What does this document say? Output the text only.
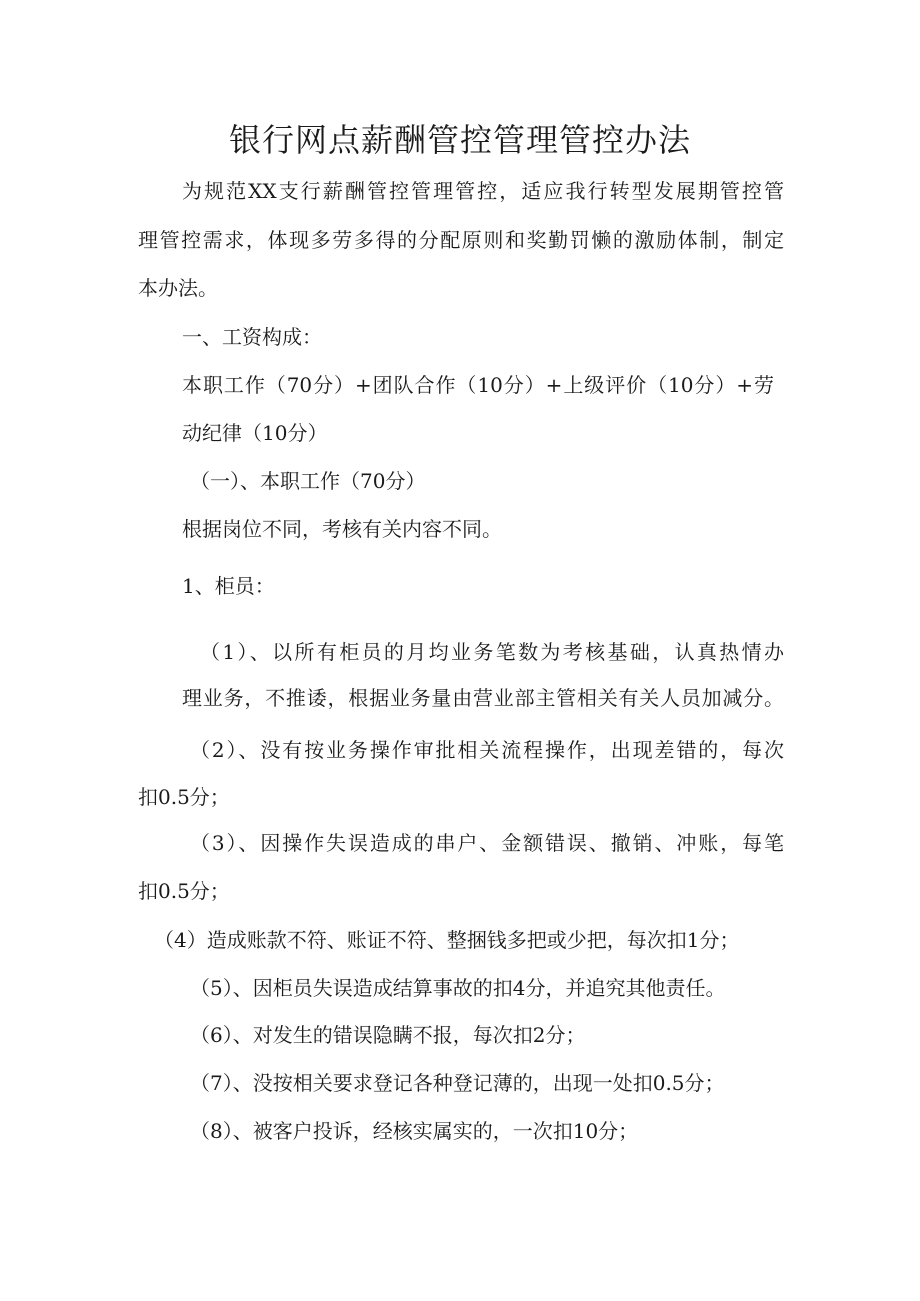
银行网点薪酬管控管理管控办法
为规范XX支行薪酬管控管理管控，适应我行转型发展期管控管
理管控需求，体现多劳多得的分配原则和奖勤罚懒的激励体制，制定
本办法。
一、工资构成：
本职工作（70分）+团队合作（10分）+上级评价（10分）+劳
动纪律（10分）
（一）、本职工作（70分）
根据岗位不同，考核有关内容不同。
1、柜员：
（1）、以所有柜员的月均业务笔数为考核基础，认真热情办
理业务，不推诿，根据业务量由营业部主管相关有关人员加减分。
（2）、没有按业务操作审批相关流程操作，出现差错的，每次
扣0.5分；
（3）、因操作失误造成的串户、金额错误、撤销、冲账，每笔
扣0.5分；
（4）造成账款不符、账证不符、整捆钱多把或少把，每次扣1分；
（5）、因柜员失误造成结算事故的扣4分，并追究其他责任。
（6）、对发生的错误隐瞒不报，每次扣2分；
（7）、没按相关要求登记各种登记薄的，出现一处扣0.5分；
（8）、被客户投诉，经核实属实的，一次扣10分；
